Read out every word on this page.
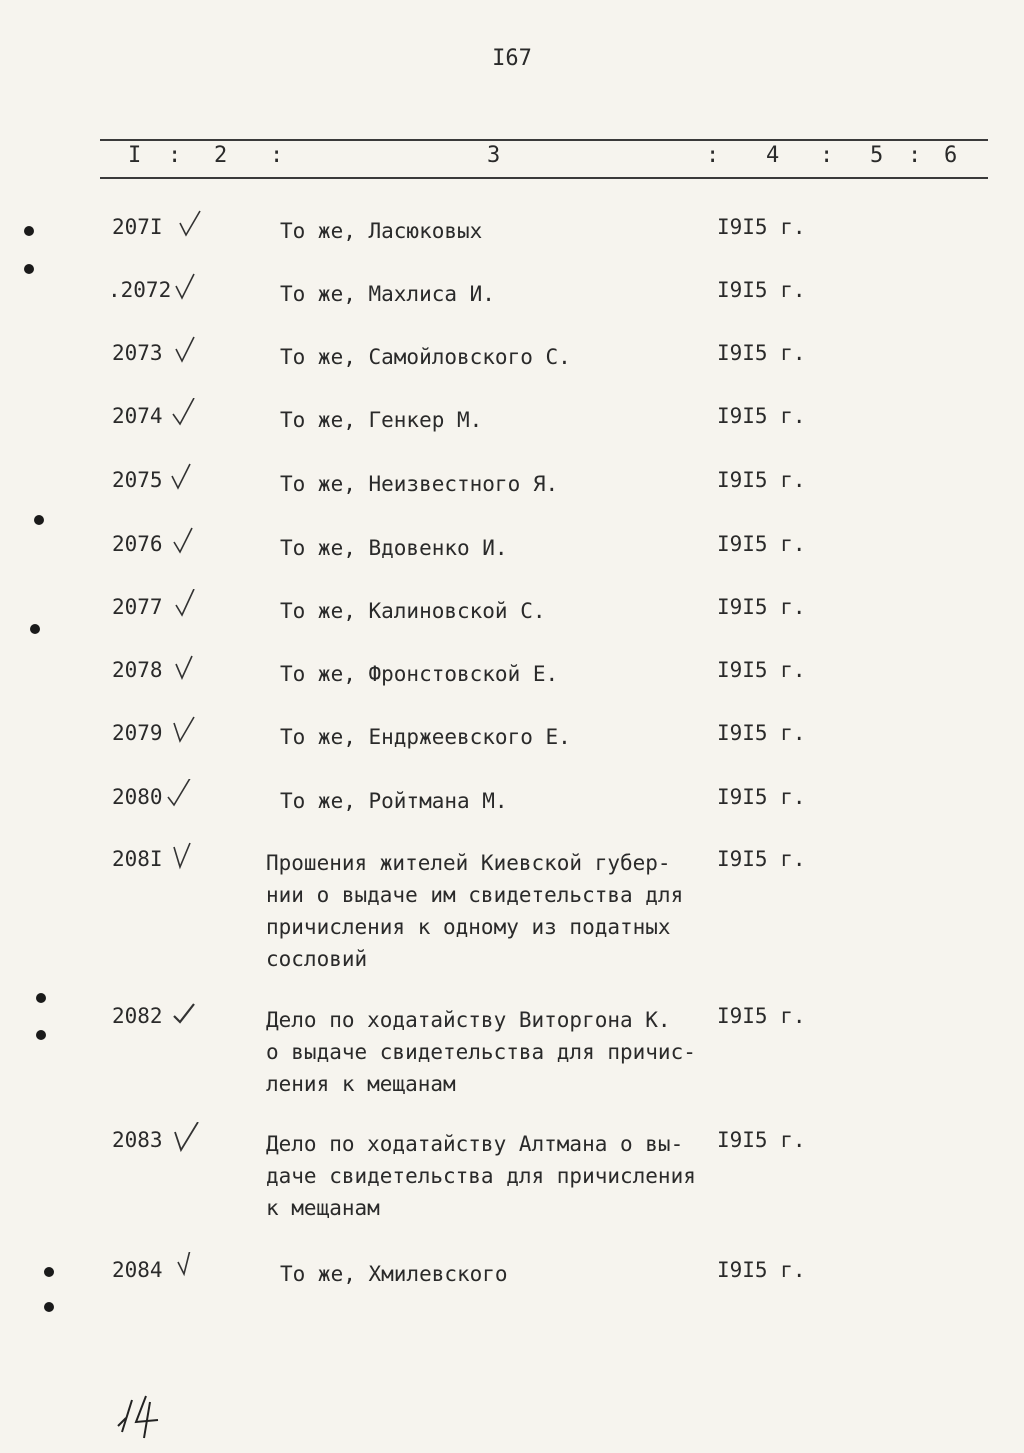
I67
I : 2 :	3	: 4 : 5 : 6
207I	То же, Ласюковых	I9I5 г.
.2072	То же, Махлиса И.	I9I5 г.
2073	То же, Самойловского С.	I9I5 г.
2074	То же, Генкер М.	I9I5 г.
2075	То же, Неизвестного Я.	I9I5 г.
2076	То же, Вдовенко И.	I9I5 г.
2077	То же, Калиновской С.	I9I5 г.
2078	То же, Фронстовской Е.	I9I5 г.
2079	То же, Ендржеевского Е.	I9I5 г.
2080	То же, Ройтмана М.	I9I5 г.
208I	Прошения жителей Киевской губер-
нии о выдаче им свидетельства для
причисления к одному из податных
сословий
I9I5 г.
2082	Дело по ходатайству Виторгона К.
о выдаче свидетельства для причис-
ления к мещанам
I9I5 г.
2083	Дело по ходатайству Алтмана о вы-
даче свидетельства для причисления
к мещанам
I9I5 г.
2084	То же, Хмилевского	I9I5 г.
